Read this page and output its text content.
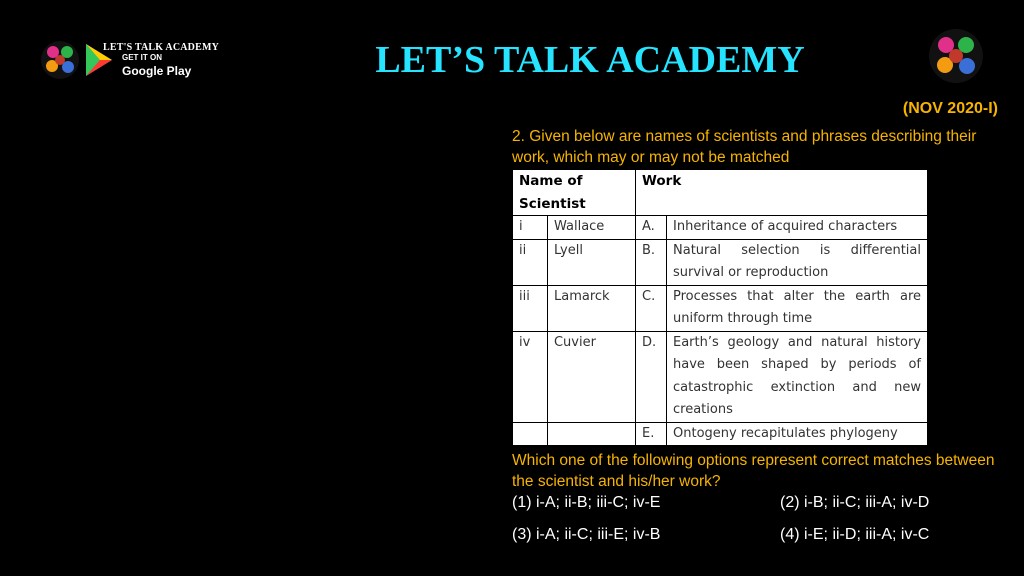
LET'S TALK ACADEMY
GET IT ON
Google Play	LET’S TALK ACADEMY
(NOV 2020-I)
2. Given below are names of scientists and phrases describing their work, which may or may not be matched
Name of Scientist		Work	
i	Wallace	A.	Inheritance of acquired characters
ii	Lyell	B.	Natural selection is differential survival or reproduction
iii	Lamarck	C.	Processes that alter the earth are uniform through time
iv	Cuvier	D.	Earth’s geology and natural history have been shaped by periods of catastrophic extinction and new creations
		E.	Ontogeny recapitulates phylogeny
Which one of the following options represent correct matches between the scientist and his/her work?
(1) i-A; ii-B; iii-C; iv-E	(2) i-B; ii-C; iii-A; iv-D
(3) i-A; ii-C; iii-E; iv-B	(4) i-E; ii-D; iii-A; iv-C
